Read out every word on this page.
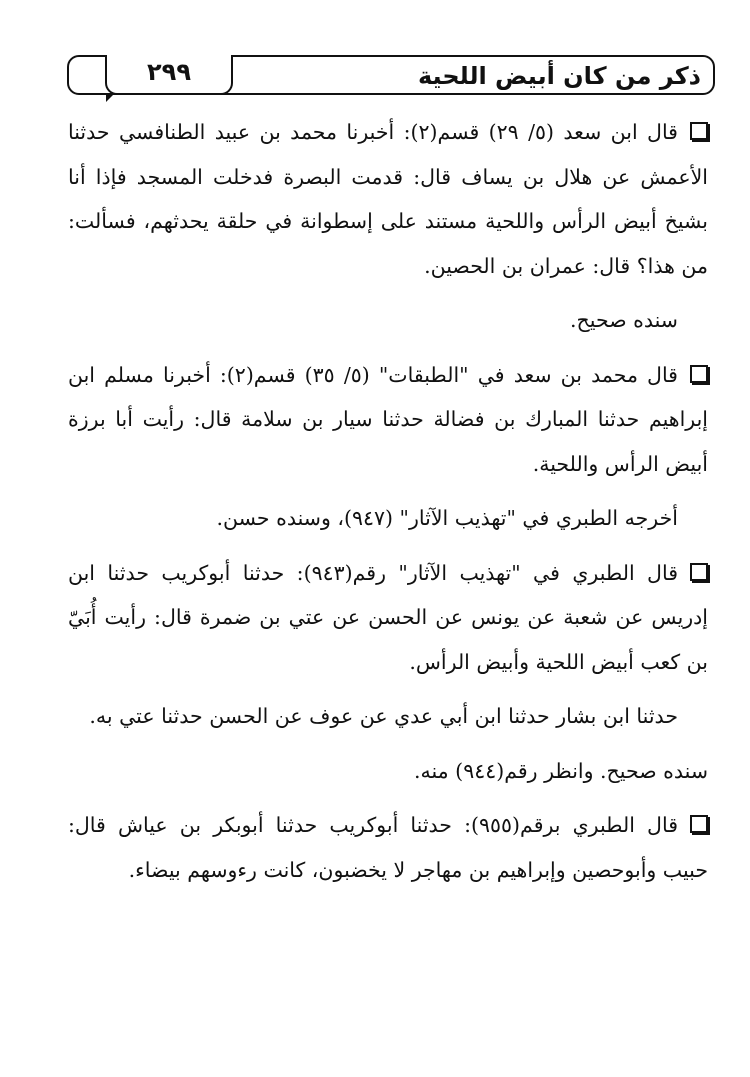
ذكر من كان أبيض اللحية
٢٩٩

قال ابن سعد (٥/ ٢٩) قسم(٢): أخبرنا محمد بن عبيد الطنافسي حدثنا الأعمش عن هلال بن يساف قال: قدمت البصرة فدخلت المسجد فإذا أنا بشيخ أبيض الرأس واللحية مستند على إسطوانة في حلقة يحدثهم، فسألت: من هذا؟ قال: عمران بن الحصين.

سنده صحيح.

قال محمد بن سعد في "الطبقات" (٥/ ٣٥) قسم(٢): أخبرنا مسلم ابن إبراهيم حدثنا المبارك بن فضالة حدثنا سيار بن سلامة قال: رأيت أبا برزة أبيض الرأس واللحية.

أخرجه الطبري في "تهذيب الآثار" (٩٤٧)، وسنده حسن.

قال الطبري في "تهذيب الآثار" رقم(٩٤٣): حدثنا أبوكريب حدثنا ابن إدريس عن شعبة عن يونس عن الحسن عن عتي بن ضمرة قال: رأيت أُبَيّ بن كعب أبيض اللحية وأبيض الرأس.

حدثنا ابن بشار حدثنا ابن أبي عدي عن عوف عن الحسن حدثنا عتي به.

سنده صحيح. وانظر رقم(٩٤٤) منه.

قال الطبري برقم(٩٥٥): حدثنا أبوكريب حدثنا أبوبكر بن عياش قال: حبيب وأبوحصين وإبراهيم بن مهاجر لا يخضبون، كانت رءوسهم بيضاء.
